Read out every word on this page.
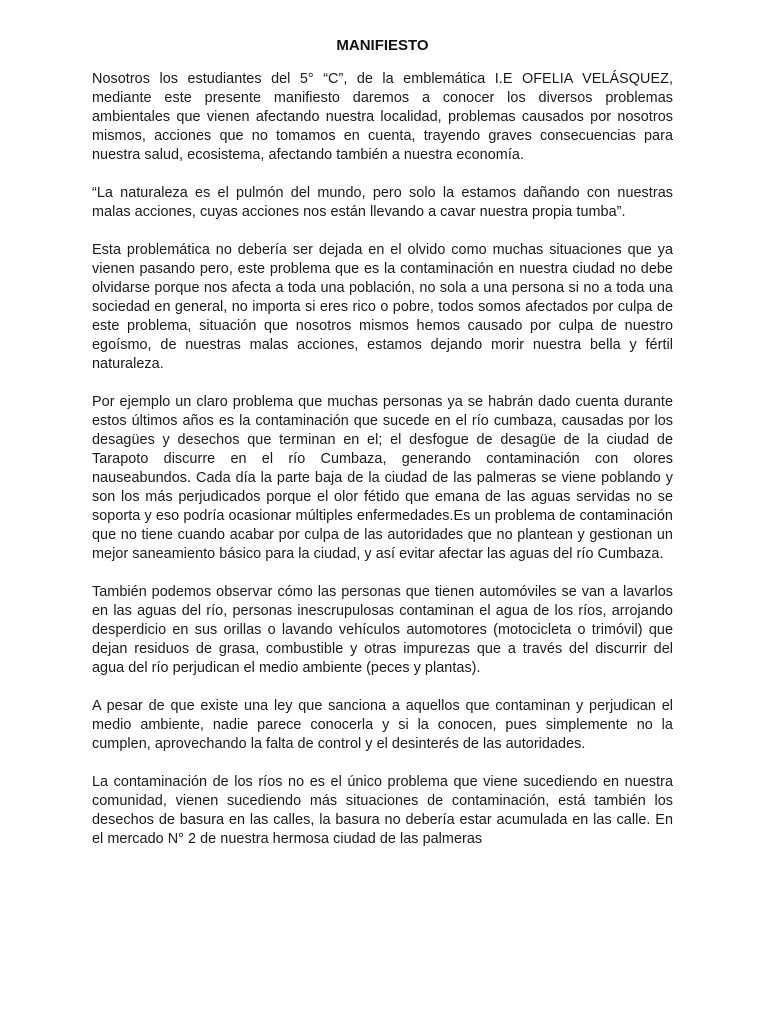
MANIFIESTO

Nosotros los estudiantes del 5° “C”, de la emblemática I.E OFELIA VELÁSQUEZ, mediante este presente manifiesto daremos a conocer los diversos problemas ambientales que vienen afectando nuestra localidad, problemas causados por nosotros mismos, acciones que no tomamos en cuenta, trayendo graves consecuencias para nuestra salud, ecosistema, afectando también a nuestra economía.

“La naturaleza es el pulmón del mundo, pero solo la estamos dañando con nuestras malas acciones, cuyas acciones nos están llevando a cavar nuestra propia tumba”.

Esta problemática no debería ser dejada en el olvido como muchas situaciones que ya vienen pasando pero, este problema que es la contaminación en nuestra ciudad no debe olvidarse porque nos afecta a toda una población, no sola a una persona si no a toda una sociedad en general, no importa si eres rico o pobre, todos somos afectados por culpa de este problema, situación que nosotros mismos hemos causado por culpa de nuestro egoísmo, de nuestras malas acciones, estamos dejando morir nuestra bella y fértil naturaleza.

Por ejemplo un claro problema que muchas personas ya se habrán dado cuenta durante estos últimos años es la contaminación que sucede en el río cumbaza, causadas por los desagües y desechos que terminan en el; el desfogue de desagüe de la ciudad de Tarapoto discurre en el río Cumbaza, generando contaminación con olores nauseabundos. Cada día la parte baja de la ciudad de las palmeras se viene poblando y son los más perjudicados porque el olor fétido que emana de las aguas servidas no se soporta y eso podría ocasionar múltiples enfermedades.Es un problema de contaminación que no tiene cuando acabar por culpa de las autoridades que no plantean y gestionan un mejor saneamiento básico para la ciudad, y así evitar afectar las aguas del río Cumbaza.

También podemos observar cómo las personas que tienen automóviles se van a lavarlos en las aguas del río, personas inescrupulosas contaminan el agua de los ríos, arrojando desperdicio en sus orillas o lavando vehículos automotores (motocicleta o trimóvil) que dejan residuos de grasa, combustible y otras impurezas que a través del discurrir del agua del río perjudican el medio ambiente (peces y plantas).

A pesar de que existe una ley que sanciona a aquellos que contaminan y perjudican el medio ambiente, nadie parece conocerla y si la conocen, pues simplemente no la cumplen, aprovechando la falta de control y el desinterés de las autoridades.

La contaminación de los ríos no es el único problema que viene sucediendo en nuestra comunidad, vienen sucediendo más situaciones de contaminación, está también los desechos de basura en las calles, la basura no debería estar acumulada en las calle. En el mercado N° 2 de nuestra hermosa ciudad de las palmeras
